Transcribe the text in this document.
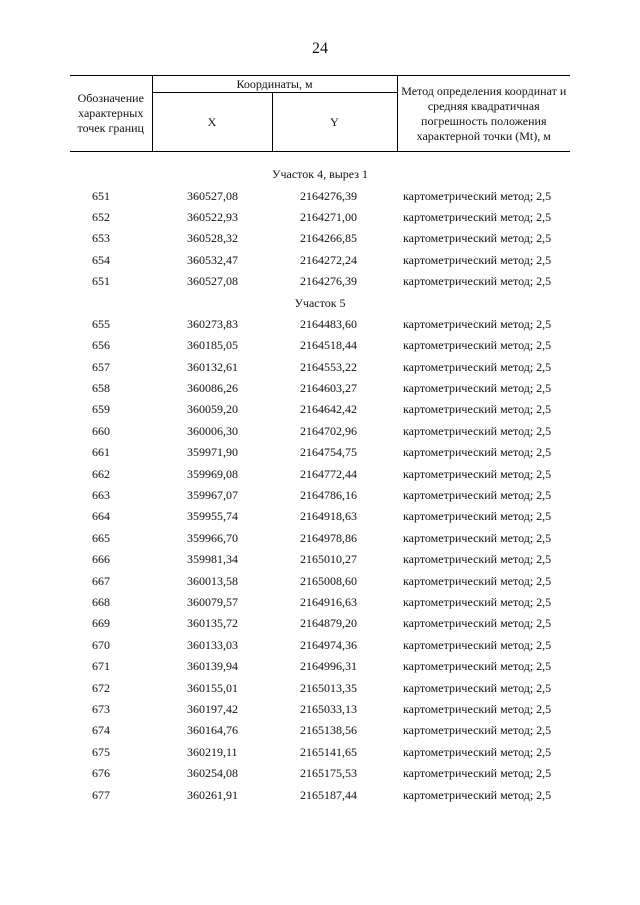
24
Обозначение характерных точек границ	Координаты, м		Метод определения координат и средняя квадратичная погрешность положения характерной точки (Mt), м
	X	Y	

Участок 4, вырез 1			
651	360527,08	2164276,39	картометрический метод; 2,5
652	360522,93	2164271,00	картометрический метод; 2,5
653	360528,32	2164266,85	картометрический метод; 2,5
654	360532,47	2164272,24	картометрический метод; 2,5
651	360527,08	2164276,39	картометрический метод; 2,5
Участок 5			
655	360273,83	2164483,60	картометрический метод; 2,5
656	360185,05	2164518,44	картометрический метод; 2,5
657	360132,61	2164553,22	картометрический метод; 2,5
658	360086,26	2164603,27	картометрический метод; 2,5
659	360059,20	2164642,42	картометрический метод; 2,5
660	360006,30	2164702,96	картометрический метод; 2,5
661	359971,90	2164754,75	картометрический метод; 2,5
662	359969,08	2164772,44	картометрический метод; 2,5
663	359967,07	2164786,16	картометрический метод; 2,5
664	359955,74	2164918,63	картометрический метод; 2,5
665	359966,70	2164978,86	картометрический метод; 2,5
666	359981,34	2165010,27	картометрический метод; 2,5
667	360013,58	2165008,60	картометрический метод; 2,5
668	360079,57	2164916,63	картометрический метод; 2,5
669	360135,72	2164879,20	картометрический метод; 2,5
670	360133,03	2164974,36	картометрический метод; 2,5
671	360139,94	2164996,31	картометрический метод; 2,5
672	360155,01	2165013,35	картометрический метод; 2,5
673	360197,42	2165033,13	картометрический метод; 2,5
674	360164,76	2165138,56	картометрический метод; 2,5
675	360219,11	2165141,65	картометрический метод; 2,5
676	360254,08	2165175,53	картометрический метод; 2,5
677	360261,91	2165187,44	картометрический метод; 2,5
